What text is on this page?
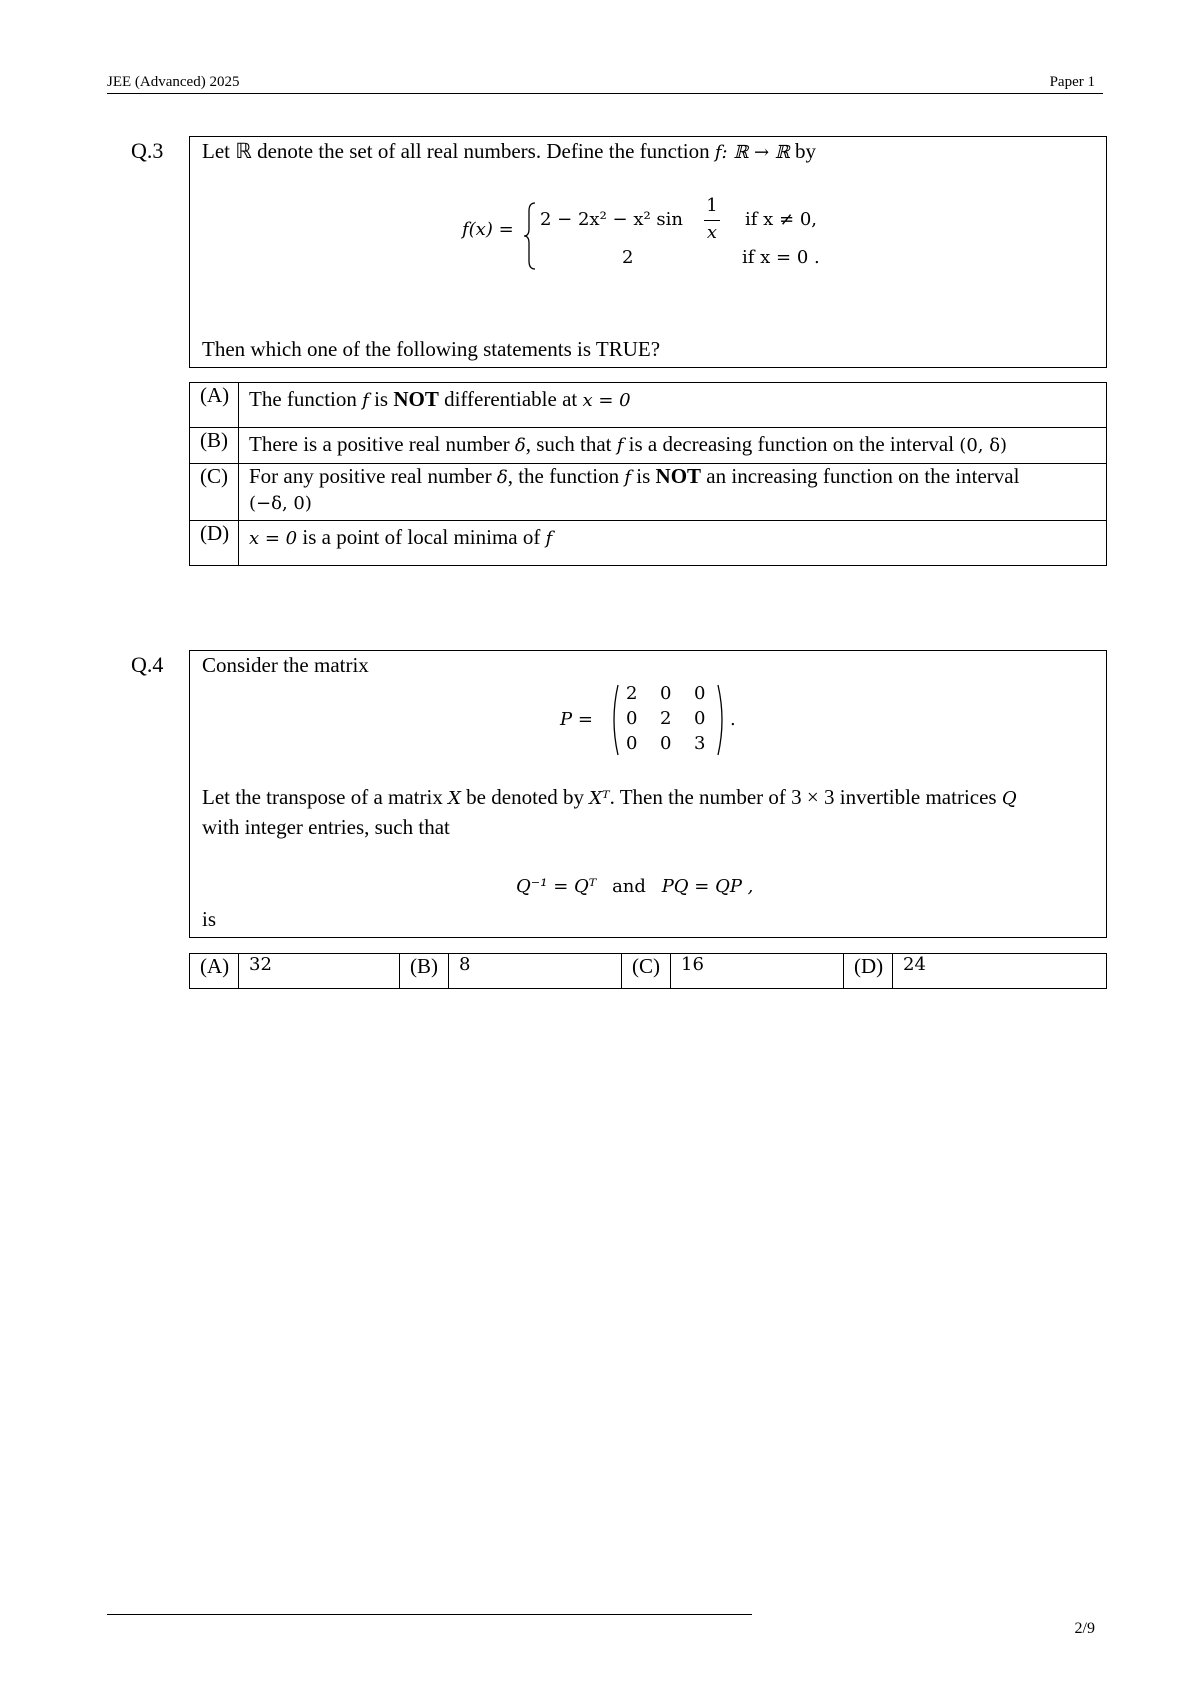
JEE (Advanced) 2025	Paper 1
Q.3 Let ℝ denote the set of all real numbers. Define the function f: ℝ → ℝ by
f(x) = 2 − 2x² − x² sin
1
x
if x ≠ 0,
2	if x = 0 .
Then which one of the following statements is TRUE?
(A)	The function f is NOT differentiable at x = 0
(B)	There is a positive real number δ, such that f is a decreasing function on the interval (0, δ)
(C)	For any positive real number δ, the function f is NOT an increasing function on the interval
(−δ, 0)
(D)	x = 0 is a point of local minima of f
Q.4 Consider the matrix
P =
2 0 0
0 2 0
0 0 3
.
Let the transpose of a matrix X be denoted by Xᵀ. Then the number of 3 × 3 invertible matrices Q
with integer entries, such that
Q⁻¹ = Qᵀ and PQ = QP ,
is
(A)	32	(B)	8	(C)	16	(D)	24
2/9
